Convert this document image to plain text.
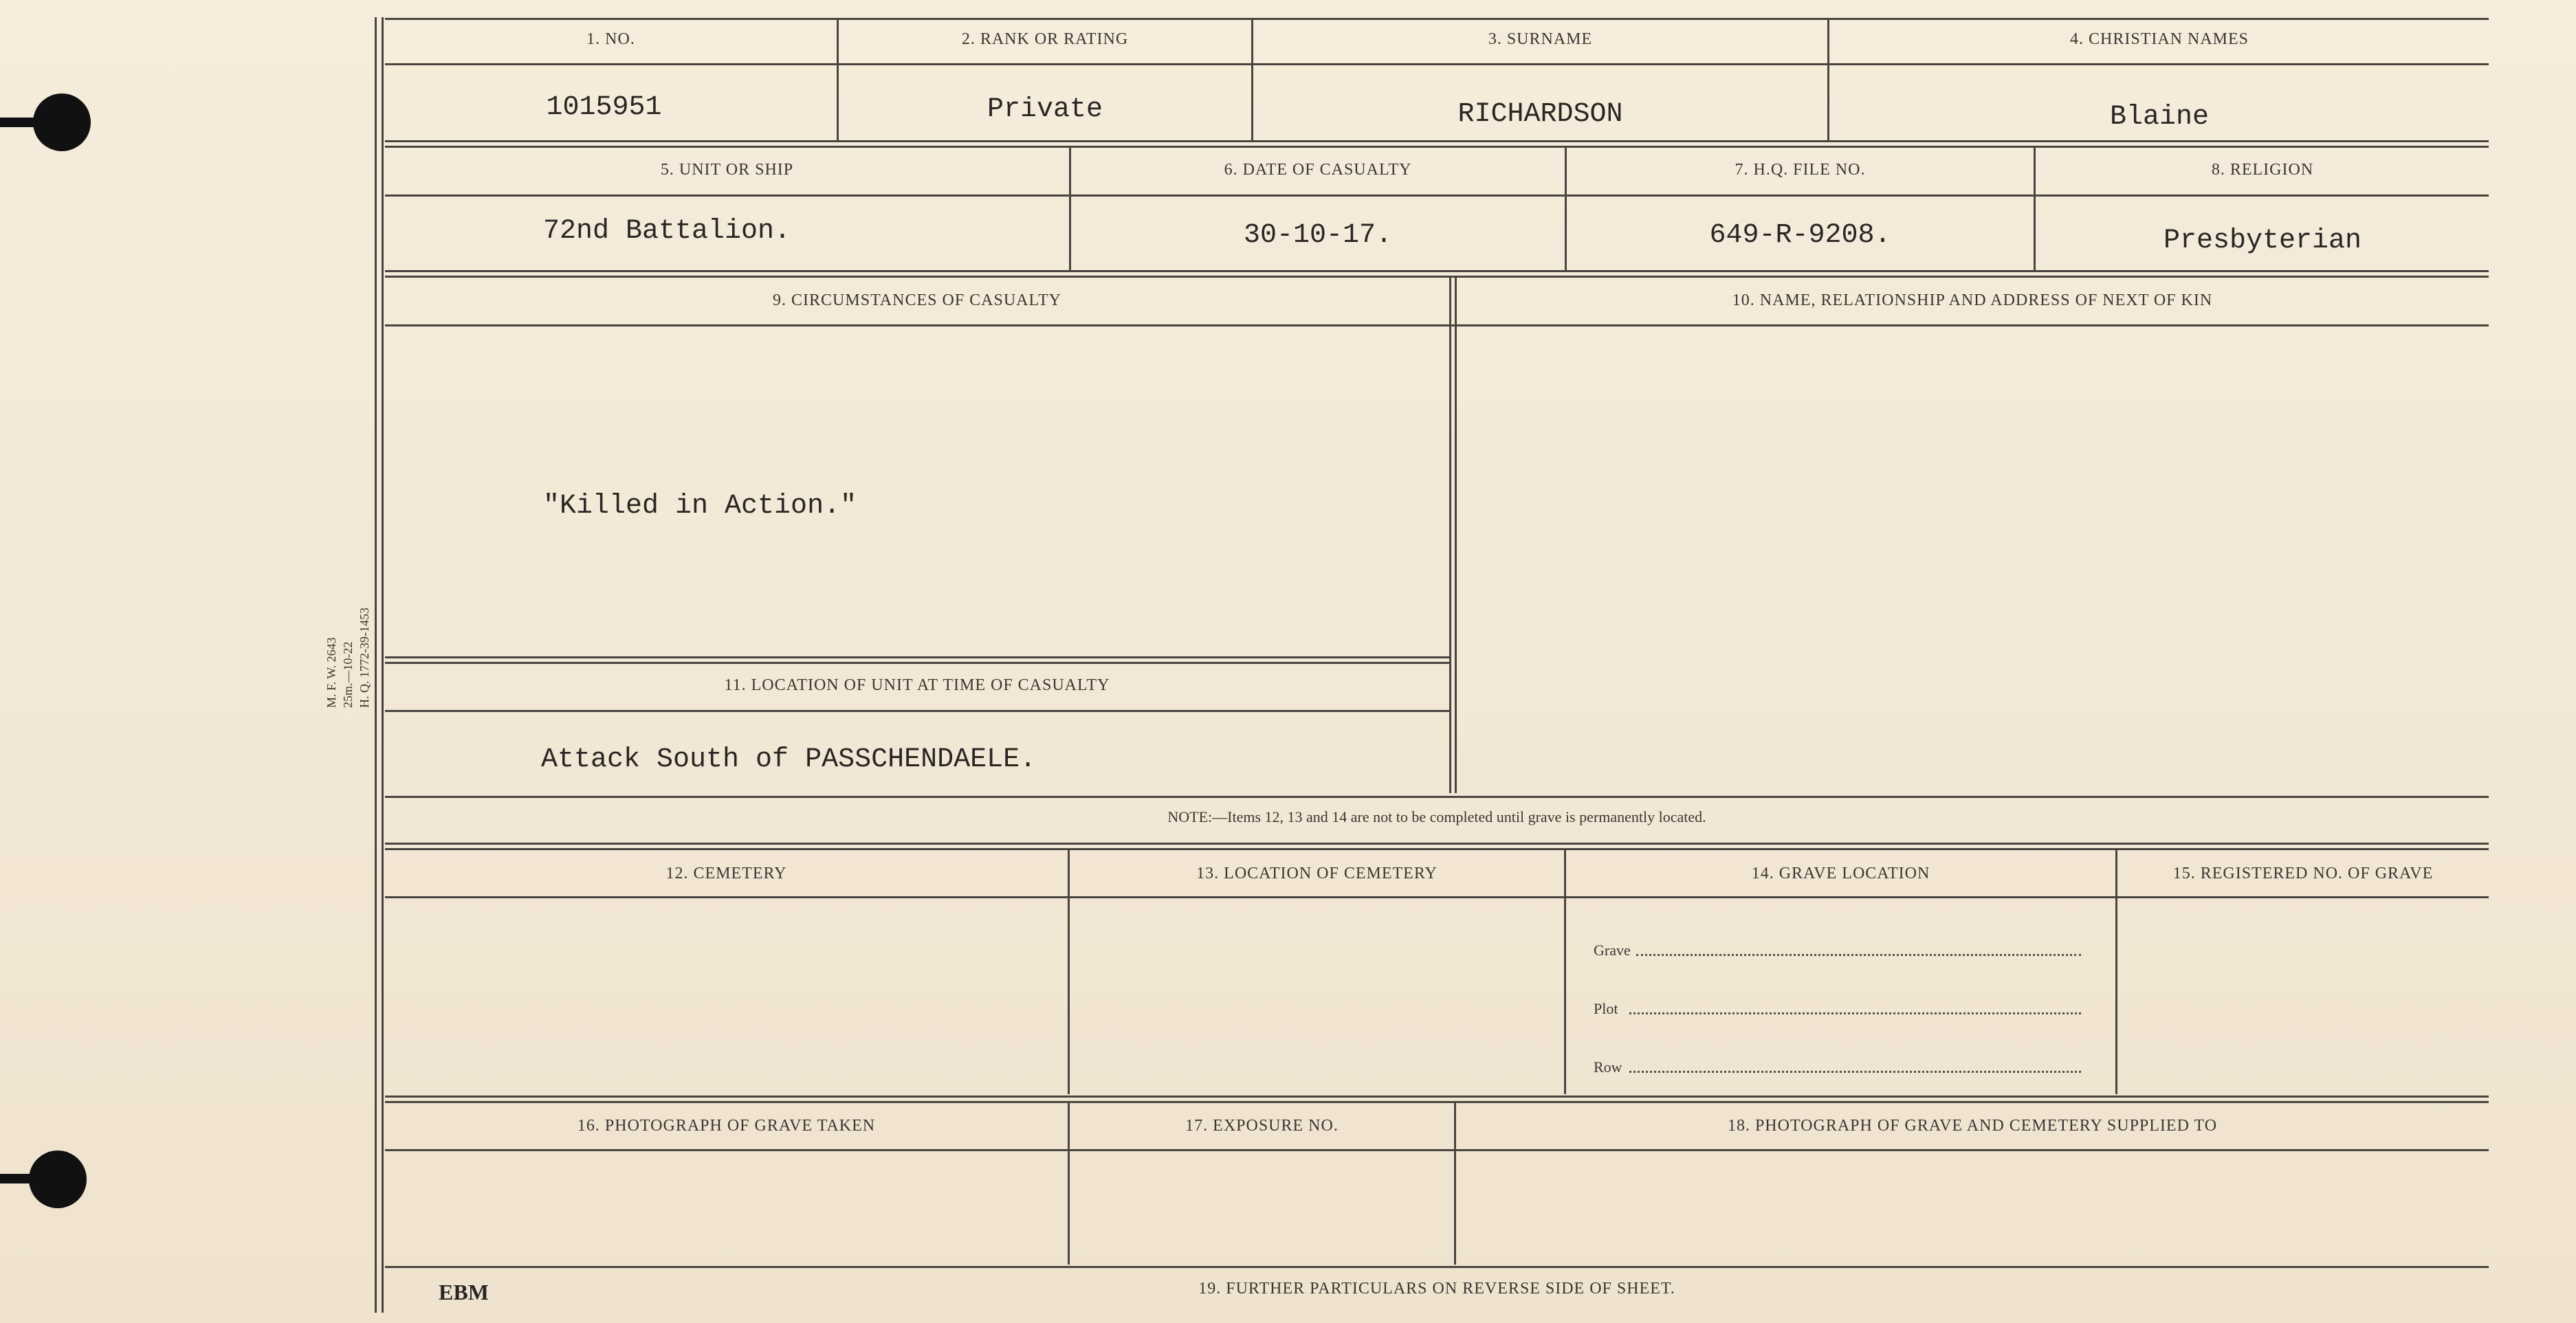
M. F. W. 2643 25m.—10-22 H. Q. 1772-39-1453
1. NO.	2. RANK OR RATING	3. SURNAME	4. CHRISTIAN NAMES
1015951	Private	RICHARDSON	Blaine
5. UNIT OR SHIP	6. DATE OF CASUALTY	7. H.Q. FILE NO.	8. RELIGION
72nd Battalion.	30-10-17.	649-R-9208.	Presbyterian
9. CIRCUMSTANCES OF CASUALTY	10. NAME, RELATIONSHIP AND ADDRESS OF NEXT OF KIN
"Killed in Action."
11. LOCATION OF UNIT AT TIME OF CASUALTY
Attack South of PASSCHENDAELE.
NOTE:—Items 12, 13 and 14 are not to be completed until grave is permanently located.
12. CEMETERY	13. LOCATION OF CEMETERY	14. GRAVE LOCATION	15. REGISTERED NO. OF GRAVE
Grave
Plot
Row
16. PHOTOGRAPH OF GRAVE TAKEN	17. EXPOSURE NO.	18. PHOTOGRAPH OF GRAVE AND CEMETERY SUPPLIED TO
19. FURTHER PARTICULARS ON REVERSE SIDE OF SHEET.
EBM
